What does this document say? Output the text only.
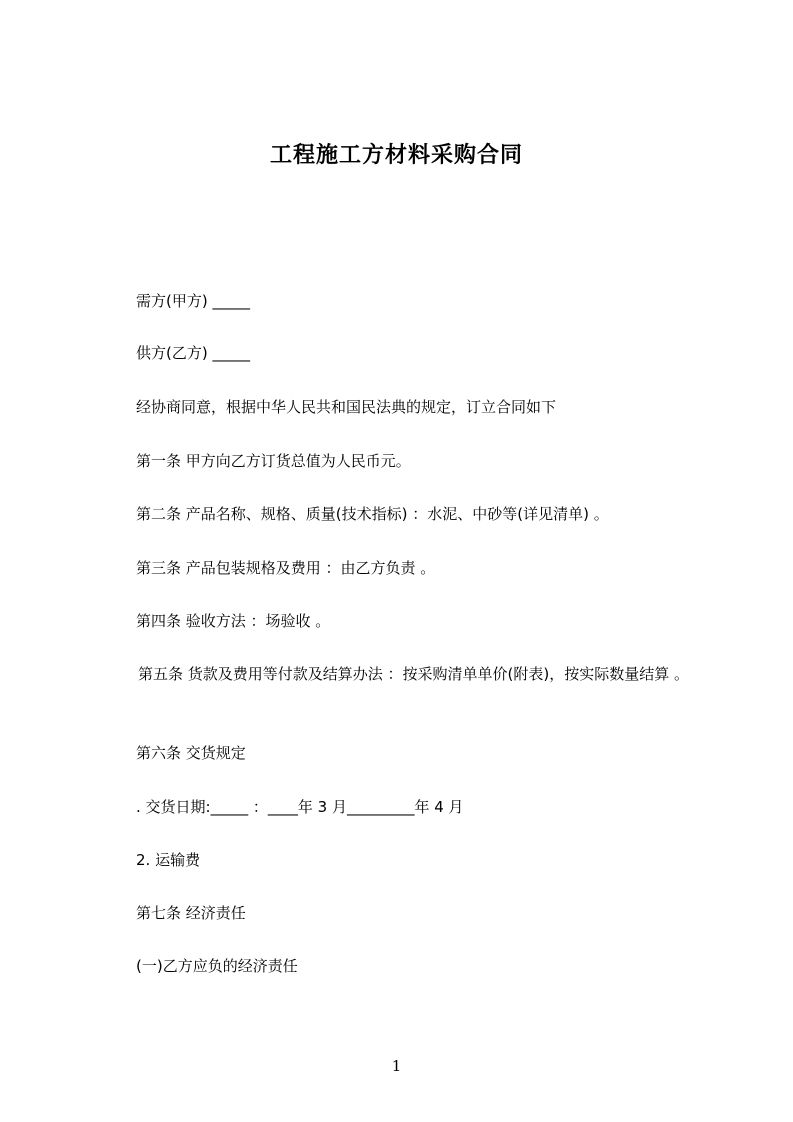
工程施工方材料采购合同
需方(甲方) _____
供方(乙方) _____
经协商同意，根据中华人民共和国民法典的规定，订立合同如下
第一条 甲方向乙方订货总值为人民币元。
第二条 产品名称、规格、质量(技术指标) ：水泥、中砂等(详见清单) 。
第三条 产品包装规格及费用 ：由乙方负责 。
第四条 验收方法 ：场验收 。
第五条 货款及费用等付款及结算办法 ：按采购清单单价(附表)，按实际数量结算 。
第六条 交货规定
. 交货日期:_____ ：____年 3 月_________年 4 月
2. 运输费
第七条 经济责任
(一)乙方应负的经济责任
1
